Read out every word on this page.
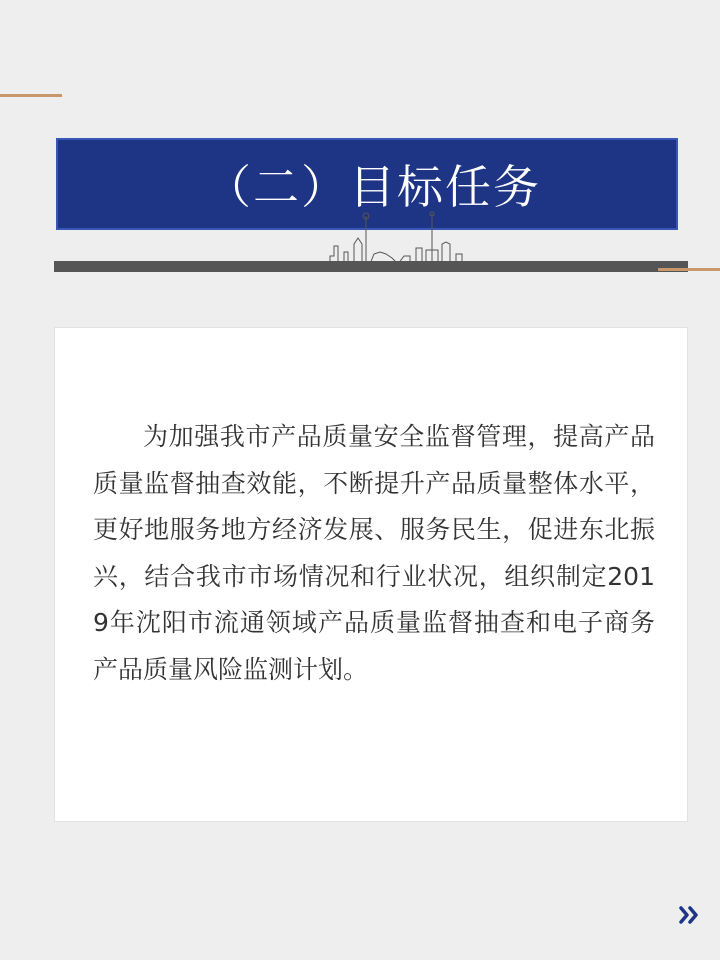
（二）目标任务

为加强我市产品质量安全监督管理，提高产品质量监督抽查效能，不断提升产品质量整体水平，更好地服务地方经济发展、服务民生，促进东北振兴，结合我市市场情况和行业状况，组织制定2019年沈阳市流通领域产品质量监督抽查和电子商务产品质量风险监测计划。
